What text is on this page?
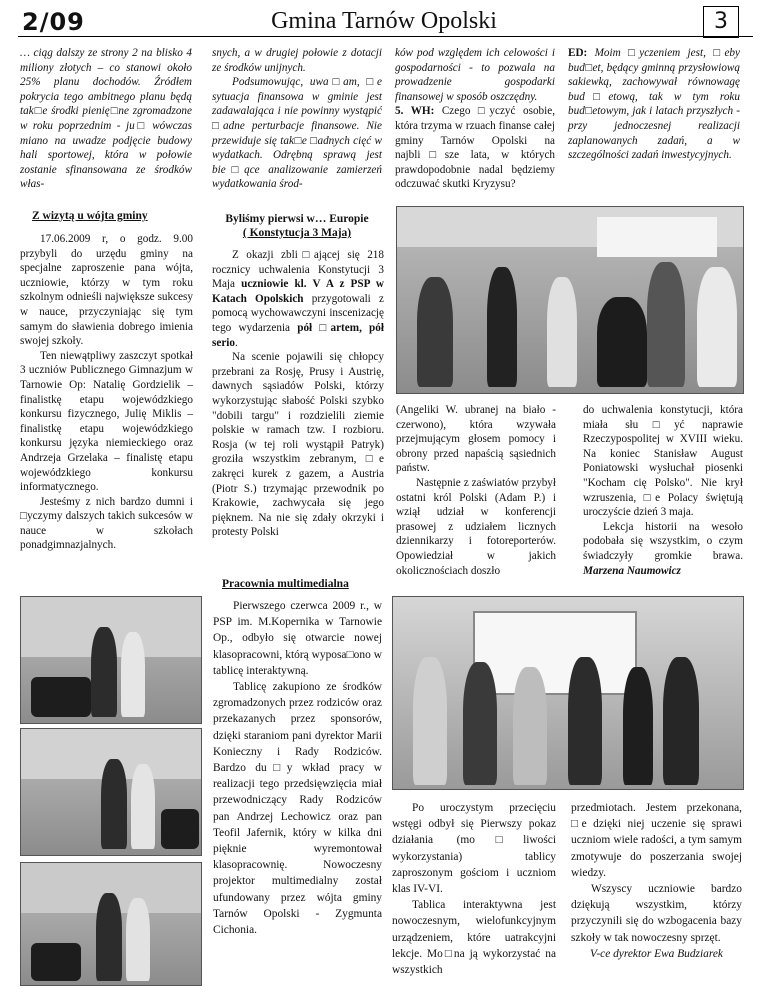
2/09	Gmina Tarnów Opolski	3

… ciąg dalszy ze strony 2 na blisko 4 miliony złotych – co stanowi około 25% planu dochodów. Źródłem pokrycia tego ambitnego planu będą tak□e środki pienię□ne zgromadzone w roku poprzednim - ju□ wówczas miano na uwadze podjęcie budowy hali sportowej, która w połowie zostanie sfinansowana ze środków włas-

snych, a w drugiej połowie z dotacji ze środków unijnych.

Podsumowując, uwa□am, □e sytuacja finansowa w gminie jest zadawalająca i nie powinny wystąpić □adne perturbacje finansowe. Nie przewiduje się tak□e □adnych cięć w wydatkach. Odrębną sprawą jest bie□ące analizowanie zamierzeń wydatkowania środ-

ków pod względem ich celowości i gospodarności - to pozwala na prowadzenie gospodarki finansowej w sposób oszczędny.

5. WH: Czego □yczyć osobie, która trzyma w rzuach finanse całej gminy Tarnów Opolski na najbli□sze lata, w których prawdopodobnie nadal będziemy odczuwać skutki Kryzysu?

ED: Moim □yczeniem jest, □eby bud□et, będący gminną przysłowiową sakiewką, zachowywał równowagę bud□etową, tak w tym roku bud□etowym, jak i latach przyszłych - przy jednoczesnej realizacji zaplanowanych zadań, a w szczególności zadań inwestycyjnych.

Z wizytą u wójta gminy

17.06.2009 r, o godz. 9.00 przybyli do urzędu gminy na specjalne zaproszenie pana wójta, uczniowie, którzy w tym roku szkolnym odnieśli największe sukcesy w nauce, przyczyniając się tym samym do sławienia dobrego imienia swojej szkoły.

Ten niewątpliwy zaszczyt spotkał 3 uczniów Publicznego Gimnazjum w Tarnowie Op: Natalię Gordzielik – finalistkę etapu wojewódzkiego konkursu fizycznego, Julię Miklis – finalistkę etapu wojewódzkiego konkursu języka niemieckiego oraz Andrzeja Grzelaka – finalistę etapu wojewódzkiego konkursu informatycznego.

Jesteśmy z nich bardzo dumni i □yczymy dalszych takich sukcesów w nauce w szkołach ponadgimnazjalnych.

Byliśmy pierwsi w… Europie
( Konstytucja 3 Maja)

Z okazji zbli□ającej się 218 rocznicy uchwalenia Konstytucji 3 Maja uczniowie kl. V A z PSP w Katach Opolskich przygotowali z pomocą wychowawczyni inscenizację tego wydarzenia pół □artem, pół serio.

Na scenie pojawili się chłopcy przebrani za Rosję, Prusy i Austrię, dawnych sąsiadów Polski, którzy wykorzystując słabość Polski szybko "dobili targu" i rozdzielili ziemie polskie w ramach tzw. I rozbioru. Rosja (w tej roli wystąpił Patryk) groziła wszystkim zebranym, □e zakręci kurek z gazem, a Austria (Piotr S.) trzymając przewodnik po Krakowie, zachwycała się jego pięknem. Na nie się zdały okrzyki i protesty Polski

(Angeliki W. ubranej na biało - czerwono), która wzywała przejmującym głosem pomocy i obrony przed napaścią sąsiednich państw.

Następnie z zaświatów przybył ostatni król Polski (Adam P.) i wziął udział w konferencji prasowej z udziałem licznych dziennikarzy i fotoreporterów. Opowiedział w jakich okolicznościach doszło

do uchwalenia konstytucji, która miała słu□yć naprawie Rzeczypospolitej w XVIII wieku. Na koniec Stanisław August Poniatowski wysłuchał piosenki "Kocham cię Polsko". Nie krył wzruszenia, □e Polacy świętują uroczyście dzień 3 maja.

Lekcja historii na wesoło podobała się wszystkim, o czym świadczyły gromkie brawa. Marzena Naumowicz

Pracownia multimedialna

Pierwszego czerwca 2009 r., w PSP im. M.Kopernika w Tarnowie Op., odbyło się otwarcie nowej klasopracowni, którą wyposa□ono w tablicę interaktywną.

Tablicę zakupiono ze środków zgromadzonych przez rodziców oraz przekazanych przez sponsorów, dzięki staraniom pani dyrektor Marii Konieczny i Rady Rodziców. Bardzo du□y wkład pracy w realizacji tego przedsięwzięcia miał przewodniczący Rady Rodziców pan Andrzej Lechowicz oraz pan Teofil Jafernik, który w kilka dni pięknie wyremontował klasopracownię. Nowoczesny projektor multimedialny został ufundowany przez wójta gminy Tarnów Opolski - Zygmunta Cichonia.

Po uroczystym przecięciu wstęgi odbył się Pierwszy pokaz działania (mo□liwości wykorzystania) tablicy zaproszonym gościom i uczniom klas IV-VI.

Tablica interaktywna jest nowoczesnym, wielofunkcyjnym urządzeniem, które uatrakcyjni lekcje. Mo□na ją wykorzystać na wszystkich

przedmiotach. Jestem przekonana, □e dzięki niej uczenie się sprawi uczniom wiele radości, a tym samym zmotywuje do poszerzania swojej wiedzy.

Wszyscy uczniowie bardzo dziękują wszystkim, którzy przyczynili się do wzbogacenia bazy szkoły w tak nowoczesny sprzęt.

V-ce dyrektor Ewa Budziarek
